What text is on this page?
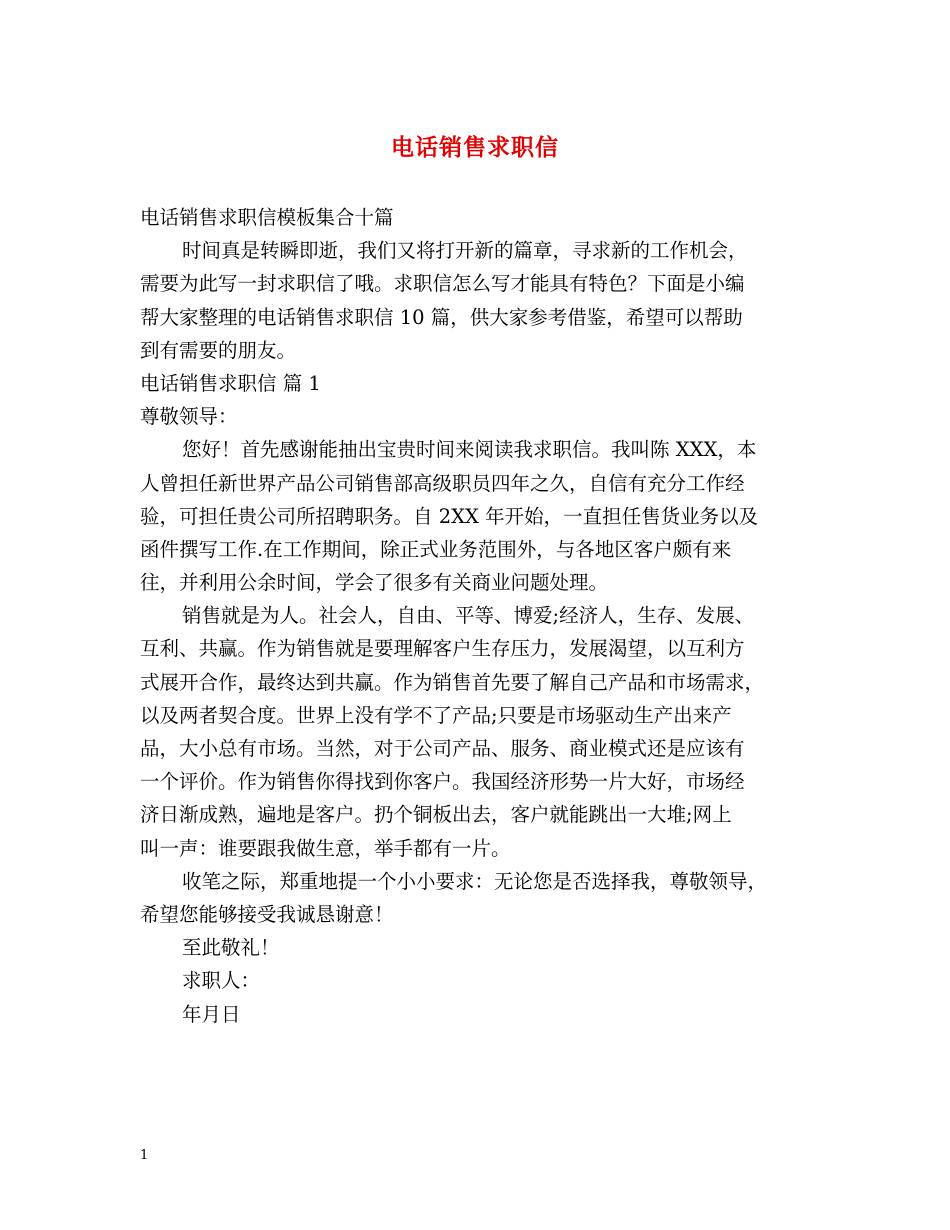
电话销售求职信
电话销售求职信模板集合十篇
时间真是转瞬即逝，我们又将打开新的篇章，寻求新的工作机会，
需要为此写一封求职信了哦。求职信怎么写才能具有特色？下面是小编
帮大家整理的电话销售求职信 10 篇，供大家参考借鉴，希望可以帮助
到有需要的朋友。
电话销售求职信 篇 1
尊敬领导：
您好！首先感谢能抽出宝贵时间来阅读我求职信。我叫陈 XXX，本
人曾担任新世界产品公司销售部高级职员四年之久，自信有充分工作经
验，可担任贵公司所招聘职务。自 2XX 年开始，一直担任售货业务以及
函件撰写工作.在工作期间，除正式业务范围外，与各地区客户颇有来
往，并利用公余时间，学会了很多有关商业问题处理。
销售就是为人。社会人，自由、平等、博爱;经济人，生存、发展、
互利、共赢。作为销售就是要理解客户生存压力，发展渴望，以互利方
式展开合作，最终达到共赢。作为销售首先要了解自己产品和市场需求，
以及两者契合度。世界上没有学不了产品;只要是市场驱动生产出来产
品，大小总有市场。当然，对于公司产品、服务、商业模式还是应该有
一个评价。作为销售你得找到你客户。我国经济形势一片大好，市场经
济日渐成熟，遍地是客户。扔个铜板出去，客户就能跳出一大堆;网上
叫一声：谁要跟我做生意，举手都有一片。
收笔之际，郑重地提一个小小要求：无论您是否选择我，尊敬领导，
希望您能够接受我诚恳谢意！
至此敬礼！
求职人：
年月日
1
